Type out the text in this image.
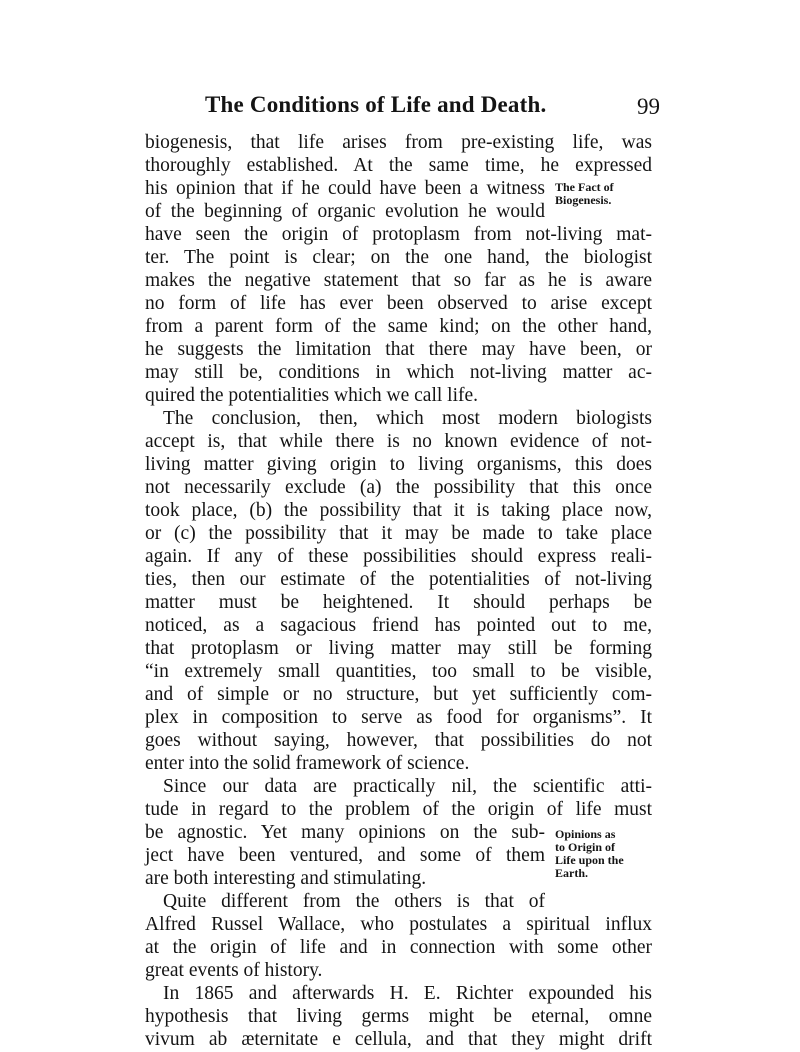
The Conditions of Life and Death.	99
biogenesis, that life arises from pre-existing life, was
thoroughly established. At the same time, he expressed
his opinion that if he could have been a witness
of the beginning of organic evolution he would
have seen the origin of protoplasm from not-living mat-
ter. The point is clear; on the one hand, the biologist
makes the negative statement that so far as he is aware
no form of life has ever been observed to arise except
from a parent form of the same kind; on the other hand,
he suggests the limitation that there may have been, or
may still be, conditions in which not-living matter ac-
quired the potentialities which we call life.
The conclusion, then, which most modern biologists
accept is, that while there is no known evidence of not-
living matter giving origin to living organisms, this does
not necessarily exclude (a) the possibility that this once
took place, (b) the possibility that it is taking place now,
or (c) the possibility that it may be made to take place
again. If any of these possibilities should express reali-
ties, then our estimate of the potentialities of not-living
matter must be heightened. It should perhaps be
noticed, as a sagacious friend has pointed out to me,
that protoplasm or living matter may still be forming
“in extremely small quantities, too small to be visible,
and of simple or no structure, but yet sufficiently com-
plex in composition to serve as food for organisms”. It
goes without saying, however, that possibilities do not
enter into the solid framework of science.
Since our data are practically nil, the scientific atti-
tude in regard to the problem of the origin of life must
be agnostic. Yet many opinions on the sub-
ject have been ventured, and some of them
are both interesting and stimulating.
Quite different from the others is that of
Alfred Russel Wallace, who postulates a spiritual influx
at the origin of life and in connection with some other
great events of history.
In 1865 and afterwards H. E. Richter expounded his
hypothesis that living germs might be eternal, omne
vivum ab æternitate e cellula, and that they might drift
The Fact of
Biogenesis.
Opinions as
to Origin of
Life upon the
Earth.
